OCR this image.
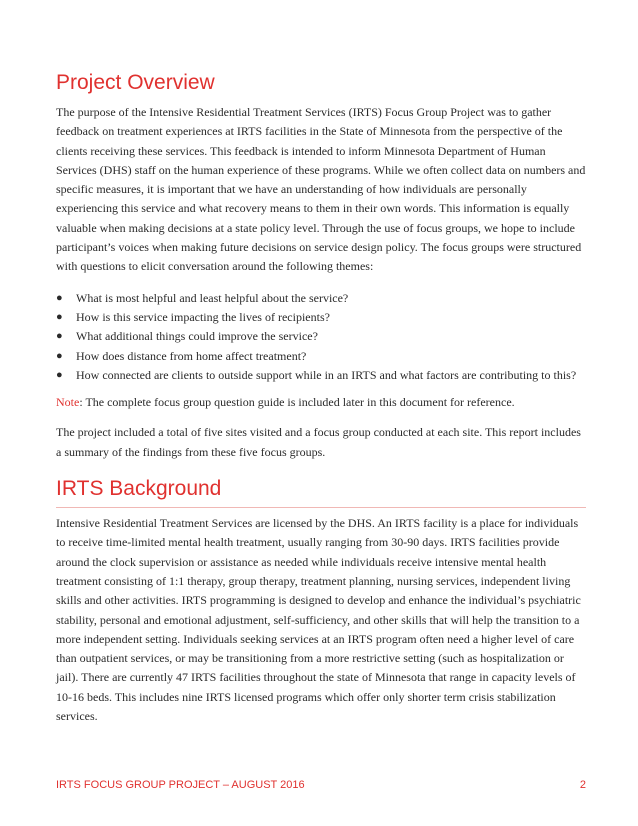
Project Overview

The purpose of the Intensive Residential Treatment Services (IRTS) Focus Group Project was to gather feedback on treatment experiences at IRTS facilities in the State of Minnesota from the perspective of the clients receiving these services. This feedback is intended to inform Minnesota Department of Human Services (DHS) staff on the human experience of these programs. While we often collect data on numbers and specific measures, it is important that we have an understanding of how individuals are personally experiencing this service and what recovery means to them in their own words. This information is equally valuable when making decisions at a state policy level. Through the use of focus groups, we hope to include participant’s voices when making future decisions on service design policy. The focus groups were structured with questions to elicit conversation around the following themes:

● What is most helpful and least helpful about the service?
● How is this service impacting the lives of recipients?
● What additional things could improve the service?
● How does distance from home affect treatment?
● How connected are clients to outside support while in an IRTS and what factors are contributing to this?

Note: The complete focus group question guide is included later in this document for reference.

The project included a total of five sites visited and a focus group conducted at each site. This report includes a summary of the findings from these five focus groups.

IRTS Background

Intensive Residential Treatment Services are licensed by the DHS. An IRTS facility is a place for individuals to receive time-limited mental health treatment, usually ranging from 30-90 days. IRTS facilities provide around the clock supervision or assistance as needed while individuals receive intensive mental health treatment consisting of 1:1 therapy, group therapy, treatment planning, nursing services, independent living skills and other activities. IRTS programming is designed to develop and enhance the individual’s psychiatric stability, personal and emotional adjustment, self-sufficiency, and other skills that will help the transition to a more independent setting. Individuals seeking services at an IRTS program often need a higher level of care than outpatient services, or may be transitioning from a more restrictive setting (such as hospitalization or jail). There are currently 47 IRTS facilities throughout the state of Minnesota that range in capacity levels of 10-16 beds. This includes nine IRTS licensed programs which offer only shorter term crisis stabilization services.

IRTS FOCUS GROUP PROJECT – AUGUST 2016	2
